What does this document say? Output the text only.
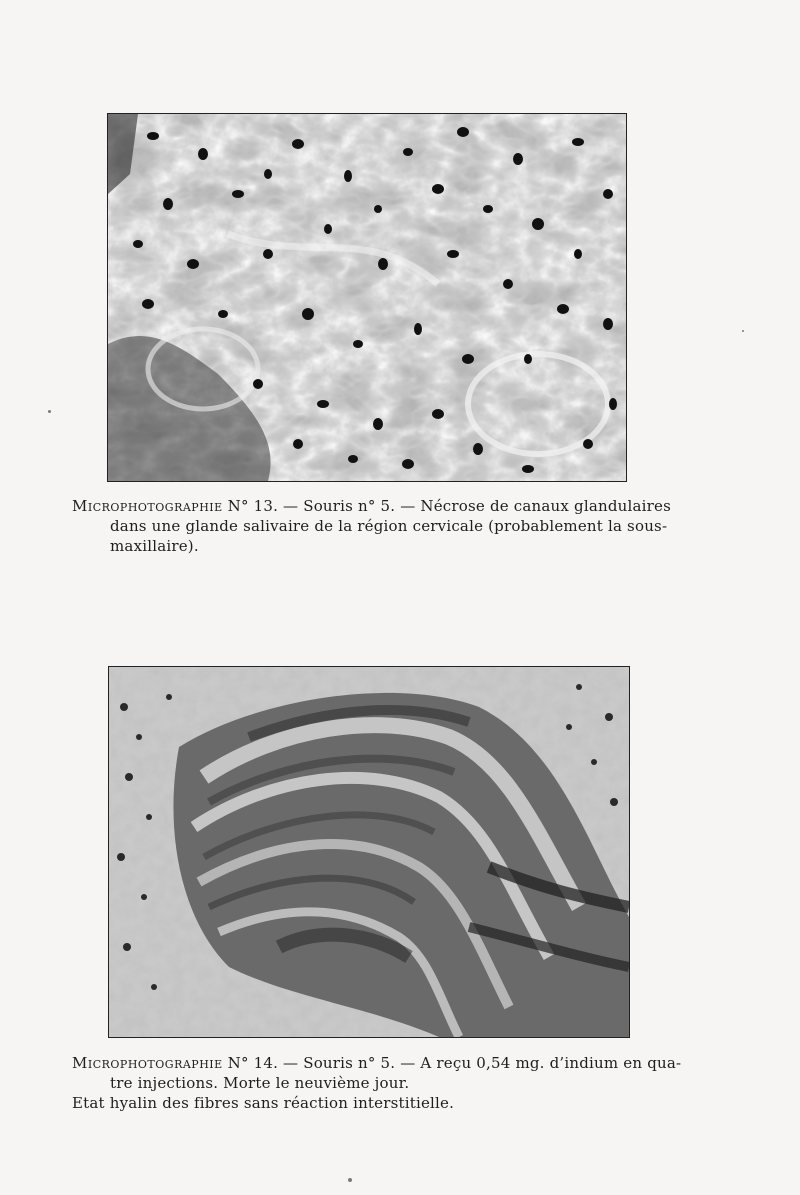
Microphotographie N° 13. — Souris n° 5. — Nécrose de canaux glandulaires
dans une glande salivaire de la région cervicale (probablement la sous-
maxillaire).
Microphotographie N° 14. — Souris n° 5. — A reçu 0,54 mg. d’indium en qua-
tre injections. Morte le neuvième jour.
Etat hyalin des fibres sans réaction interstitielle.
